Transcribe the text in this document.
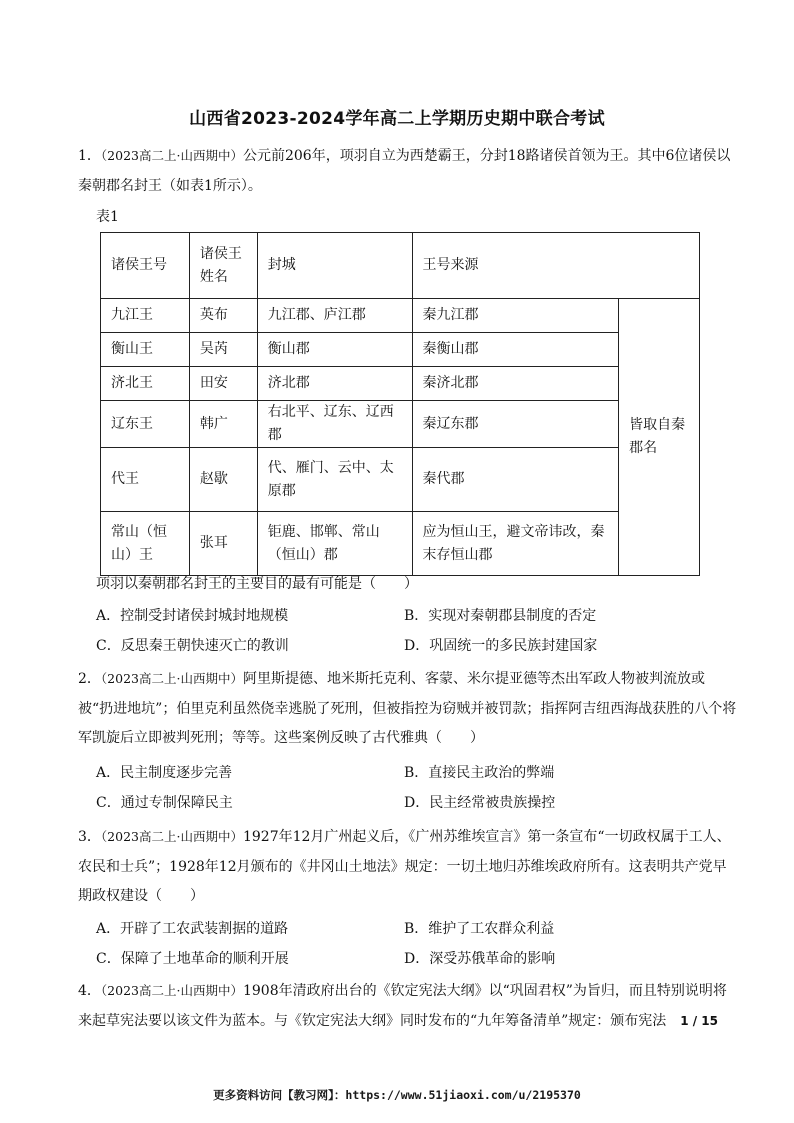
山西省2023-2024学年高二上学期历史期中联合考试
1．（2023高二上·山西期中）公元前206年，项羽自立为西楚霸王，分封18路诸侯首领为王。其中6位诸侯以秦朝郡名封王（如表1所示）。
表1
诸侯王号	诸侯王姓名	封城	王号来源	
九江王	英布	九江郡、庐江郡	秦九江郡	皆取自秦郡名
衡山王	吴芮	衡山郡	秦衡山郡	
济北王	田安	济北郡	秦济北郡	
辽东王	韩广	右北平、辽东、辽西郡	秦辽东郡	
代王	赵歇	代、雁门、云中、太原郡	秦代郡	
常山（恒山）王	张耳	钜鹿、邯郸、常山（恒山）郡	应为恒山王，避文帝讳改，秦末存恒山郡	
项羽以秦朝郡名封王的主要目的最有可能是（　　）
A．控制受封诸侯封城封地规模	B．实现对秦朝郡县制度的否定
C．反思秦王朝快速灭亡的教训	D．巩固统一的多民族封建国家
2．（2023高二上·山西期中）阿里斯提德、地米斯托克利、客蒙、米尔提亚德等杰出军政人物被判流放或被“扔进地坑”；伯里克利虽然侥幸逃脱了死刑，但被指控为窃贼并被罚款；指挥阿吉纽西海战获胜的八个将军凯旋后立即被判死刑；等等。这些案例反映了古代雅典（　　）
A．民主制度逐步完善	B．直接民主政治的弊端
C．通过专制保障民主	D．民主经常被贵族操控
3．（2023高二上·山西期中）1927年12月广州起义后，《广州苏维埃宣言》第一条宣布“一切政权属于工人、农民和士兵”；1928年12月颁布的《井冈山土地法》规定：一切土地归苏维埃政府所有。这表明共产党早期政权建设（　　）
A．开辟了工农武装割据的道路	B．维护了工农群众利益
C．保障了土地革命的顺利开展	D．深受苏俄革命的影响
4．（2023高二上·山西期中）1908年清政府出台的《钦定宪法大纲》以“巩固君权”为旨归，而且特别说明将来起草宪法要以该文件为蓝本。与《钦定宪法大纲》同时发布的“九年筹备清单”规定：颁布宪法	1 / 15
更多资料访问【教习网】：https://www.51jiaoxi.com/u/2195370
